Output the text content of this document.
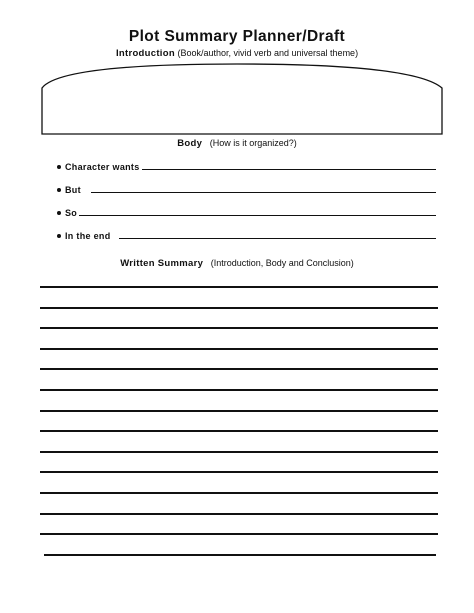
Plot Summary Planner/Draft
Introduction (Book/author, vivid verb and universal theme)
Body (How is it organized?)
Character wants
But
So
In the end
Written Summary (Introduction, Body and Conclusion)
